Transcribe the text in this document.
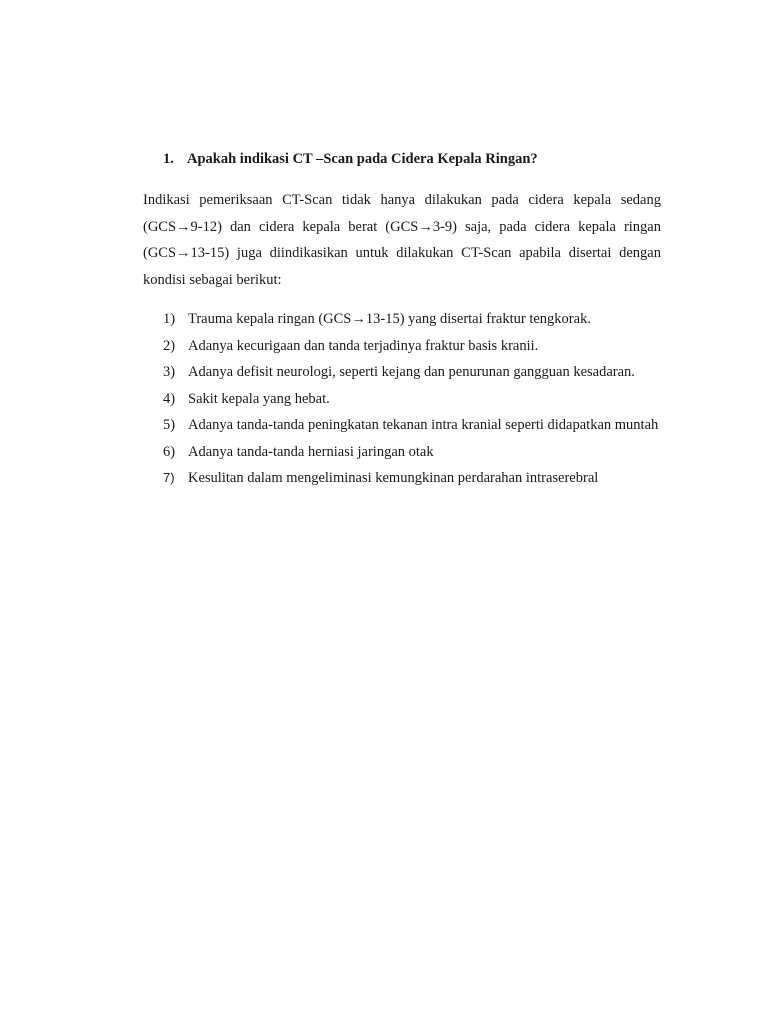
1. Apakah indikasi CT –Scan pada Cidera Kepala Ringan?

Indikasi pemeriksaan CT-Scan tidak hanya dilakukan pada cidera kepala sedang (GCS→9-12) dan cidera kepala berat (GCS→3-9) saja, pada cidera kepala ringan (GCS→13-15) juga diindikasikan untuk dilakukan CT-Scan apabila disertai dengan kondisi sebagai berikut:

1) Trauma kepala ringan (GCS→13-15) yang disertai fraktur tengkorak.
2) Adanya kecurigaan dan tanda terjadinya fraktur basis kranii.
3) Adanya defisit neurologi, seperti kejang dan penurunan gangguan kesadaran.
4) Sakit kepala yang hebat.
5) Adanya tanda-tanda peningkatan tekanan intra kranial seperti didapatkan muntah
6) Adanya tanda-tanda herniasi jaringan otak
7) Kesulitan dalam mengeliminasi kemungkinan perdarahan intraserebral
